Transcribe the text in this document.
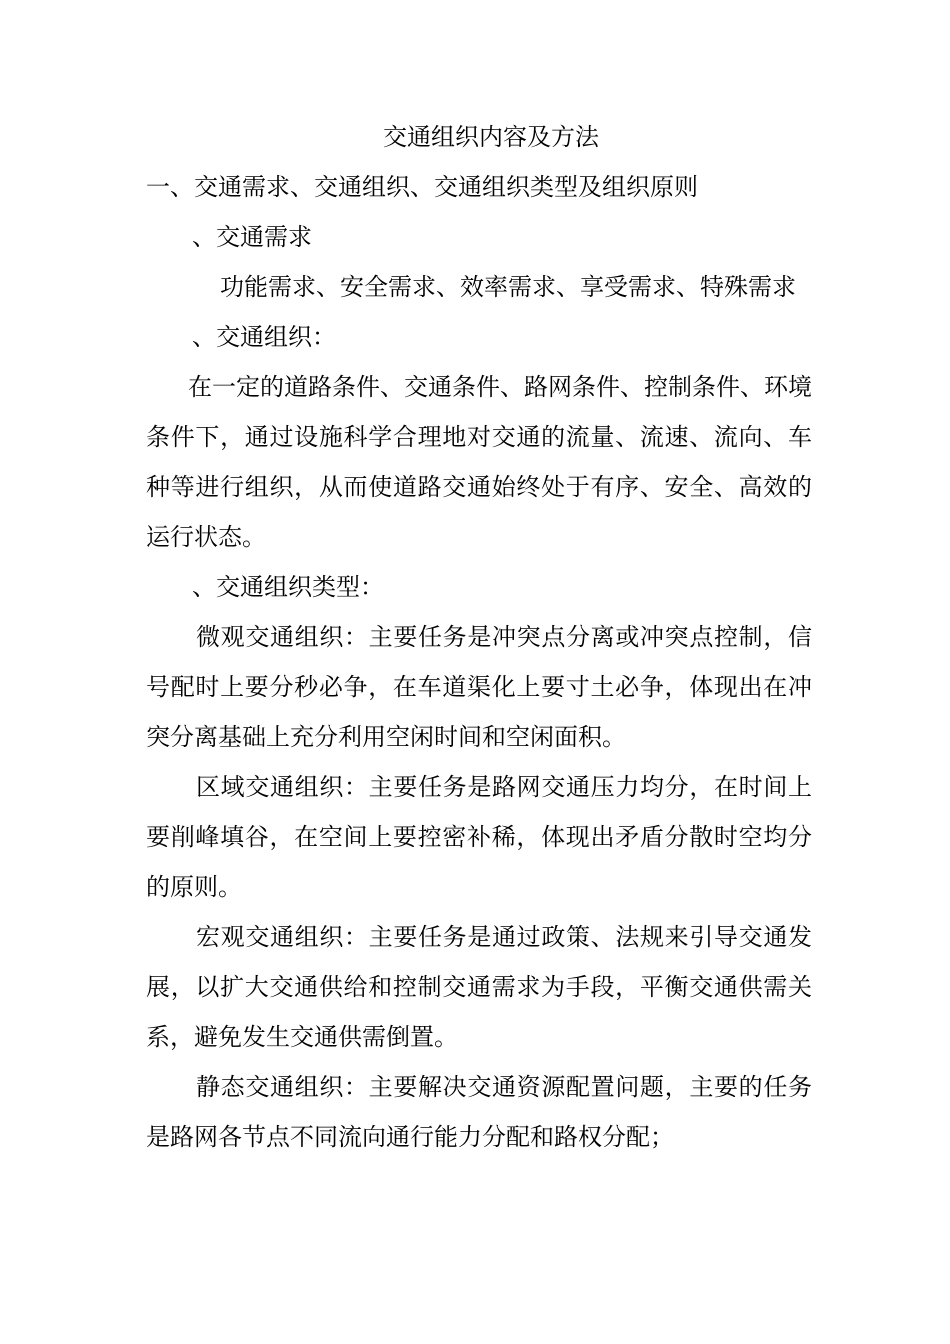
交通组织内容及方法

一、交通需求、交通组织、交通组织类型及组织原则

、交通需求

功能需求、安全需求、效率需求、享受需求、特殊需求

、交通组织：

在一定的道路条件、交通条件、路网条件、控制条件、环境条件下，通过设施科学合理地对交通的流量、流速、流向、车种等进行组织，从而使道路交通始终处于有序、安全、高效的运行状态。

、交通组织类型：

微观交通组织：主要任务是冲突点分离或冲突点控制，信号配时上要分秒必争，在车道渠化上要寸土必争，体现出在冲突分离基础上充分利用空闲时间和空闲面积。

区域交通组织：主要任务是路网交通压力均分，在时间上要削峰填谷，在空间上要控密补稀，体现出矛盾分散时空均分的原则。

宏观交通组织：主要任务是通过政策、法规来引导交通发展，以扩大交通供给和控制交通需求为手段，平衡交通供需关系，避免发生交通供需倒置。

静态交通组织：主要解决交通资源配置问题，主要的任务是路网各节点不同流向通行能力分配和路权分配；
